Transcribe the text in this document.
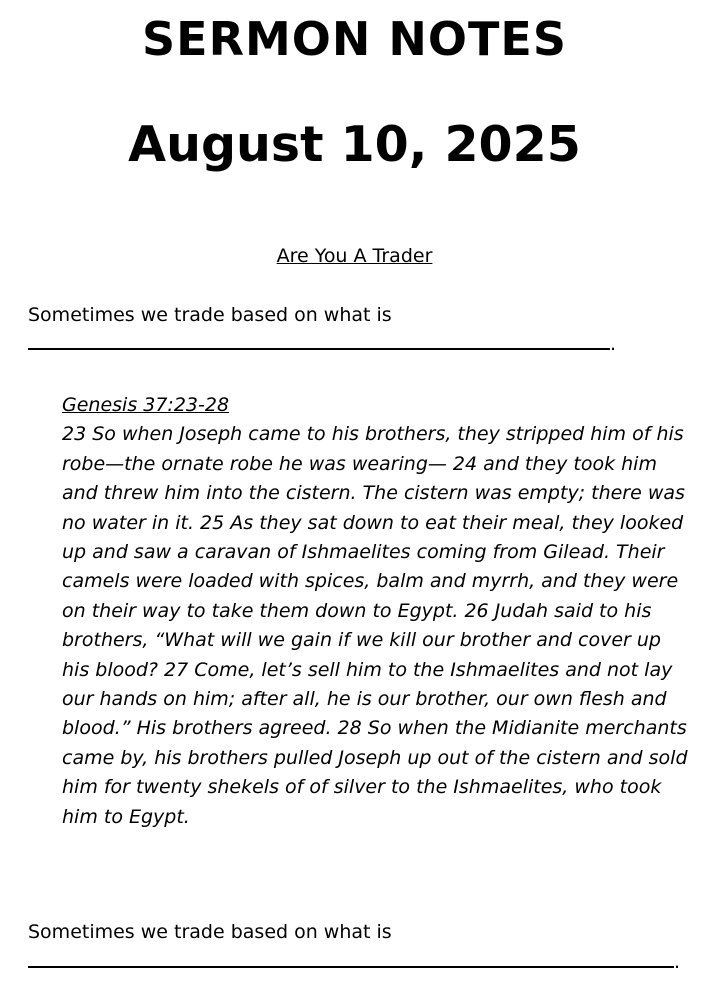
SERMON NOTES
August 10, 2025
Are You A Trader
Sometimes we trade based on what is
.
Genesis 37:23-28
23 So when Joseph came to his brothers, they stripped him of his robe—the ornate robe he was wearing— 24 and they took him and threw him into the cistern. The cistern was empty; there was no water in it. 25 As they sat down to eat their meal, they looked up and saw a caravan of Ishmaelites coming from Gilead. Their camels were loaded with spices, balm and myrrh, and they were on their way to take them down to Egypt. 26 Judah said to his brothers, “What will we gain if we kill our brother and cover up his blood? 27 Come, let’s sell him to the Ishmaelites and not lay our hands on him; after all, he is our brother, our own flesh and blood.” His brothers agreed. 28 So when the Midianite merchants came by, his brothers pulled Joseph up out of the cistern and sold him for twenty shekels of of silver to the Ishmaelites, who took him to Egypt.
Sometimes we trade based on what is
.
